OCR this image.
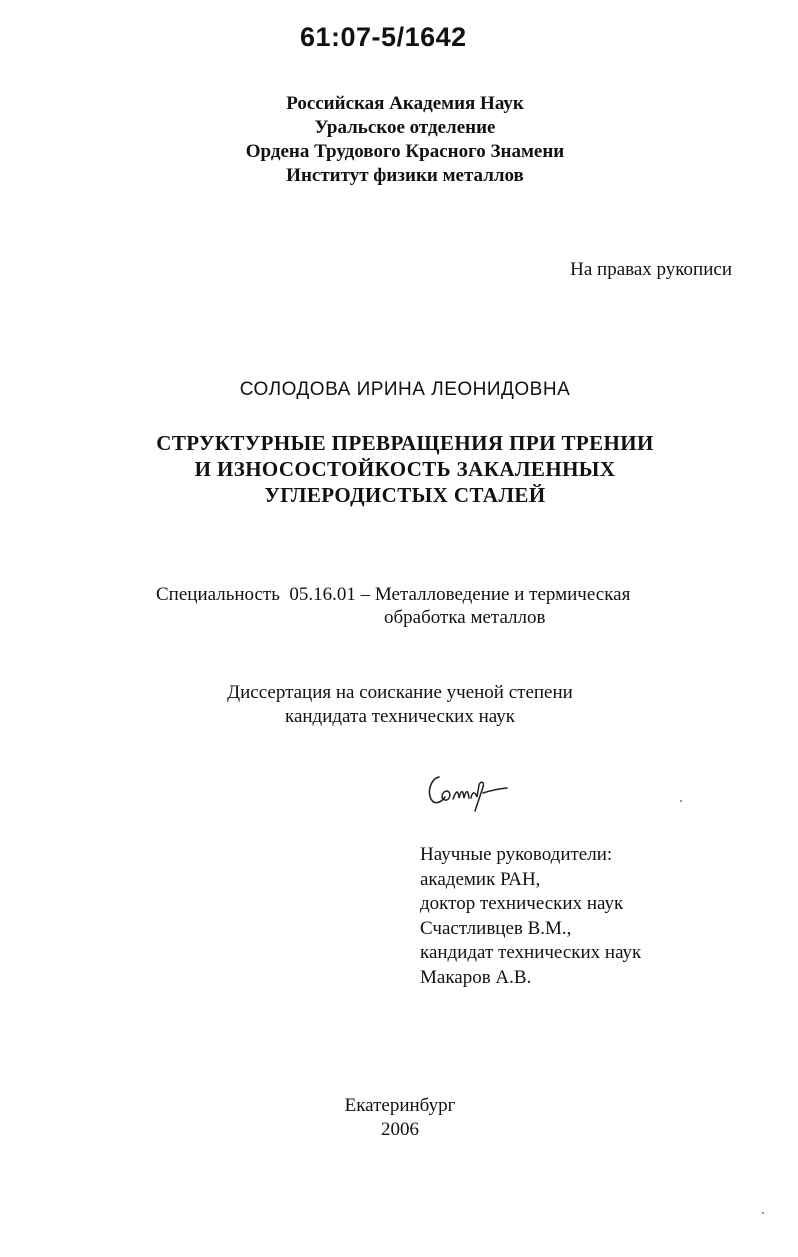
61:07-5/1642
Российская Академия Наук
Уральское отделение
Ордена Трудового Красного Знамени
Институт физики металлов
На правах рукописи
СОЛОДОВА ИРИНА ЛЕОНИДОВНА
СТРУКТУРНЫЕ ПРЕВРАЩЕНИЯ ПРИ ТРЕНИИ
И ИЗНОСОСТОЙКОСТЬ ЗАКАЛЕННЫХ
УГЛЕРОДИСТЫХ СТАЛЕЙ
Специальность 05.16.01 – Металловедение и термическая
обработка металлов
Диссертация на соискание ученой степени
кандидата технических наук
Научные руководители:
академик РАН,
доктор технических наук
Счастливцев В.М.,
кандидат технических наук
Макаров А.В.
Екатеринбург
2006
